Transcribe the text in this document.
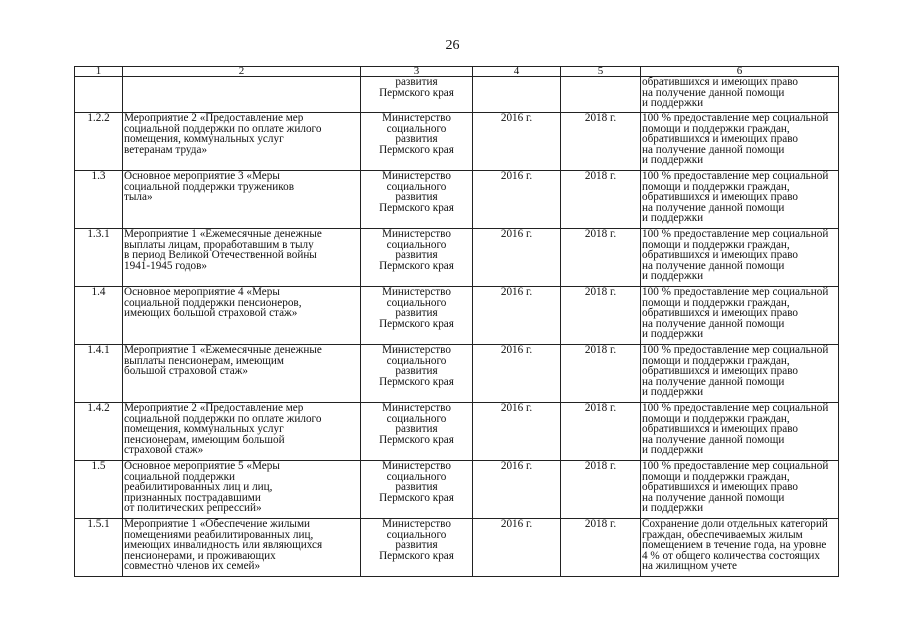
26
1	2	3	4	5	6
		развития
Пермского края			обратившихся и имеющих право
на получение данной помощи
и поддержки
1.2.2	Мероприятие 2 «Предоставление мер
социальной поддержки по оплате жилого
помещения, коммунальных услуг
ветеранам труда»	Министерство
социального
развития
Пермского края	2016 г.	2018 г.	100 % предоставление мер социальной
помощи и поддержки граждан,
обратившихся и имеющих право
на получение данной помощи
и поддержки
1.3	Основное мероприятие 3 «Меры
социальной поддержки тружеников
тыла»	Министерство
социального
развития
Пермского края	2016 г.	2018 г.	100 % предоставление мер социальной
помощи и поддержки граждан,
обратившихся и имеющих право
на получение данной помощи
и поддержки
1.3.1	Мероприятие 1 «Ежемесячные денежные
выплаты лицам, проработавшим в тылу
в период Великой Отечественной войны
1941-1945 годов»	Министерство
социального
развития
Пермского края	2016 г.	2018 г.	100 % предоставление мер социальной
помощи и поддержки граждан,
обратившихся и имеющих право
на получение данной помощи
и поддержки
1.4	Основное мероприятие 4 «Меры
социальной поддержки пенсионеров,
имеющих большой страховой стаж»	Министерство
социального
развития
Пермского края	2016 г.	2018 г.	100 % предоставление мер социальной
помощи и поддержки граждан,
обратившихся и имеющих право
на получение данной помощи
и поддержки
1.4.1	Мероприятие 1 «Ежемесячные денежные
выплаты пенсионерам, имеющим
большой страховой стаж»	Министерство
социального
развития
Пермского края	2016 г.	2018 г.	100 % предоставление мер социальной
помощи и поддержки граждан,
обратившихся и имеющих право
на получение данной помощи
и поддержки
1.4.2	Мероприятие 2 «Предоставление мер
социальной поддержки по оплате жилого
помещения, коммунальных услуг
пенсионерам, имеющим большой
страховой стаж»	Министерство
социального
развития
Пермского края	2016 г.	2018 г.	100 % предоставление мер социальной
помощи и поддержки граждан,
обратившихся и имеющих право
на получение данной помощи
и поддержки
1.5	Основное мероприятие 5 «Меры
социальной поддержки
реабилитированных лиц и лиц,
признанных пострадавшими
от политических репрессий»	Министерство
социального
развития
Пермского края	2016 г.	2018 г.	100 % предоставление мер социальной
помощи и поддержки граждан,
обратившихся и имеющих право
на получение данной помощи
и поддержки
1.5.1	Мероприятие 1 «Обеспечение жилыми
помещениями реабилитированных лиц,
имеющих инвалидность или являющихся
пенсионерами, и проживающих
совместно членов их семей»	Министерство
социального
развития
Пермского края	2016 г.	2018 г.	Сохранение доли отдельных категорий
граждан, обеспечиваемых жилым
помещением в течение года, на уровне
4 % от общего количества состоящих
на жилищном учете
